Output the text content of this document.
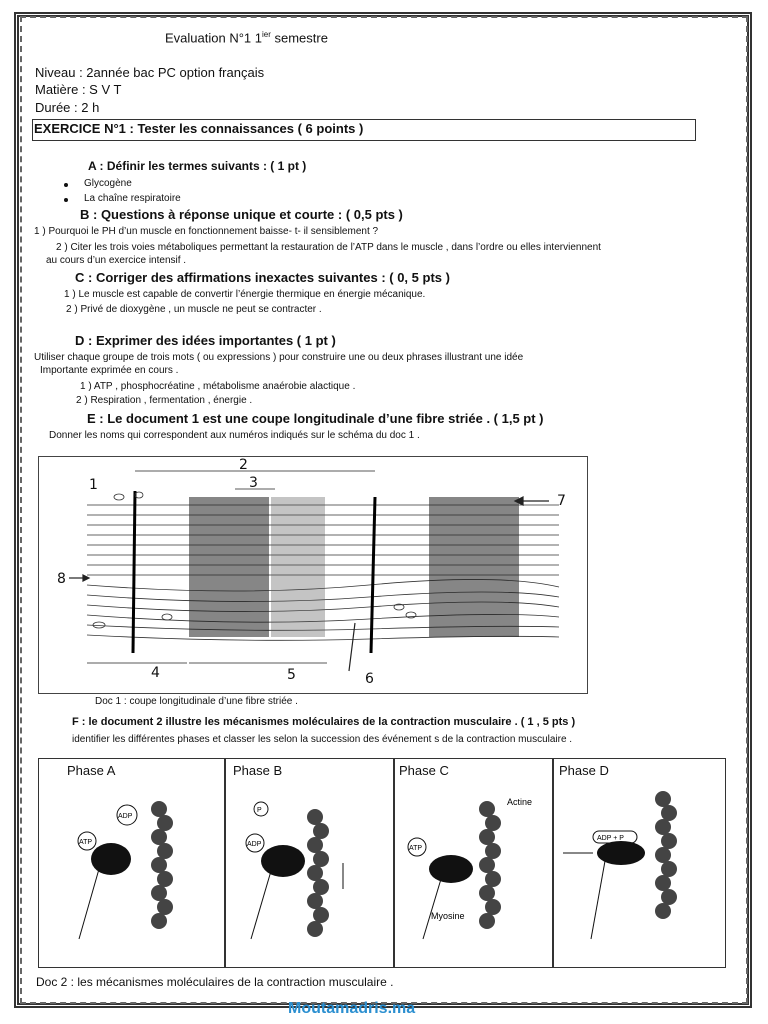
Evaluation N°1 $1^{ier}$ semestre
Niveau : 2année bac PC option français
Matière : S V T
Durée : 2 h
EXERCICE N°1 : Tester les connaissances ( 6 points )
A : Définir les termes suivants : ( 1 pt )
Glycogène
La chaîne respiratoire
B : Questions à réponse unique et courte : ( 0,5 pts )
1 ) Pourquoi le PH d’un muscle en fonctionnement baisse- t- il sensiblement ?
2 ) Citer les trois voies métaboliques permettant la restauration de l’ATP dans le muscle , dans l’ordre ou elles interviennent
au cours d’un exercice intensif .
C : Corriger des affirmations inexactes suivantes : ( 0, 5 pts )
1 ) Le muscle est capable de convertir l’énergie thermique en énergie mécanique.
2 ) Privé de dioxygène , un muscle ne peut se contracter .
D : Exprimer des idées importantes ( 1 pt )
Utiliser chaque groupe de trois mots ( ou expressions ) pour construire une ou deux phrases illustrant une idée
Importante exprimée en cours .
1 ) ATP , phosphocréatine , métabolisme anaérobie alactique .
2 ) Respiration , fermentation , énergie .
E : Le document 1 est une coupe longitudinale d’une fibre striée . ( 1,5 pt )
Donner les noms qui correspondent aux numéros indiqués sur le schéma du doc 1 .
1
2
3
4	5	6
7
8
Doc 1 : coupe longitudinale d’une fibre striée .
F : le document 2 illustre les mécanismes moléculaires de la contraction musculaire . ( 1 , 5 pts )
identifier les différentes phases et classer les selon la succession des événement s de la contraction musculaire .
Phase A
ATP
ADP
Phase B
P
ADP
Phase C
ATP
Actine
Myosine
Phase D
ADP + P
Doc 2 : les mécanismes moléculaires de la contraction musculaire .
Moutamadris.ma
